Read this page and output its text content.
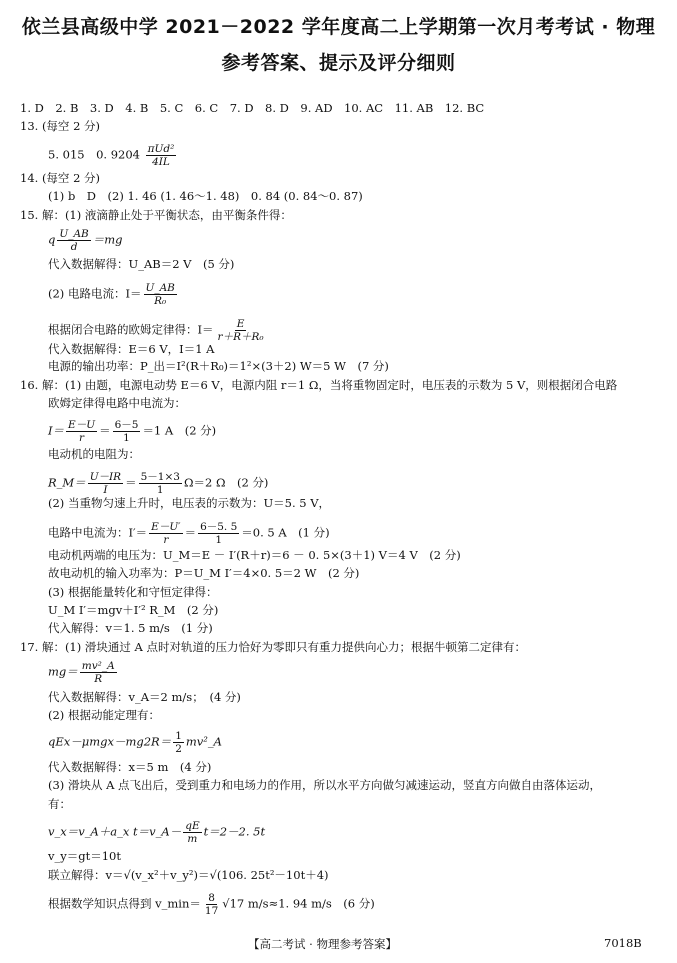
依兰县高级中学 2021－2022 学年度高二上学期第一次月考考试 · 物理
参考答案、提示及评分细则
1. D　2. B　3. D　4. B　5. C　6. C　7. D　8. D　9. AD　10. AC　11. AB　12. BC
13. (每空 2 分)
5. 015　0. $9204 \frac{\text{πUd²}}{4IL}$
14. (每空 2 分)
(1) b　D　(2) 1. 46 (1. 46～1. 48)　0. 84 (0. 84～0. 87)
15. 解：(1) 液滴静止处于平衡状态，由平衡条件得：
q $\frac{U\_AB}{d} =mg$
代入数据解得：U_AB＝2 V　(5 分)
(2) 电路电流：$I= \frac{U\_AB}{\text{R₀}}$
根据闭合电路的欧姆定律得：$I= \frac{E}{\text{r＋R＋R₀}}$
代入数据解得：E＝6 V，I＝1 A
电源的输出功率：P_出＝I²(R＋R₀)＝1²×(3＋2) W＝5 W　(7 分)
16. 解：(1) 由题，电源电动势 E＝6 V，电源内阻 r＝1 Ω，当将重物固定时，电压表的示数为 5 V，则根据闭合电路
欧姆定律得电路中电流为：
$I= \frac{E-U}{r} = \frac{6-5}{1} =1$ A　(2 分)
电动机的电阻为：
R_M＝ $\frac{U-IR}{I} = \frac{5-1\times 3}{1} \Omega=2$ Ω　(2 分)
(2) 当重物匀速上升时，电压表的示数为：U＝5. 5 V，
电路中电流为：$I'= \frac{E-U'}{r} = \frac{6-5. 5}{1} =0$. 5 A　(1 分)
电动机两端的电压为：U_M＝E － I′(R＋r)＝6 － 0. 5×(3＋1) V＝4 V　(2 分)
故电动机的输入功率为：P＝U_M I′＝4×0. 5＝2 W　(2 分)
(3) 根据能量转化和守恒定律得：
U_M I′＝mgv＋I′² R_M　(2 分)
代入解得：v＝1. 5 m/s　(1 分)
17. 解：(1) 滑块通过 A 点时对轨道的压力恰好为零即只有重力提供向心力；根据牛顿第二定律有：
$mg= \frac{\text{mv²\_A}}{R}$
代入数据解得：v_A＝2 m/s；　(4 分)
(2) 根据动能定理有：
$qEx-\mu mgx-mg2R= \frac{1}{2}$ mv²_A
代入数据解得：x＝5 m　(4 分)
(3) 滑块从 A 点飞出后，受到重力和电场力的作用，所以水平方向做匀减速运动，竖直方向做自由落体运动，
有：
v_x＝v_A＋a_x t＝v_A－ $\frac{qE}{m} t=2-2$. 5t
v_y＝gt＝10t
联立解得：v＝√(v_x²＋v_y²)＝√(106. 25t²－10t＋4)
根据数学知识点得到 v_min＝ $\frac{8}{17} √17$ m/s≈1. 94 m/s　(6 分)
【高二考试 · 物理参考答案】	7018B
